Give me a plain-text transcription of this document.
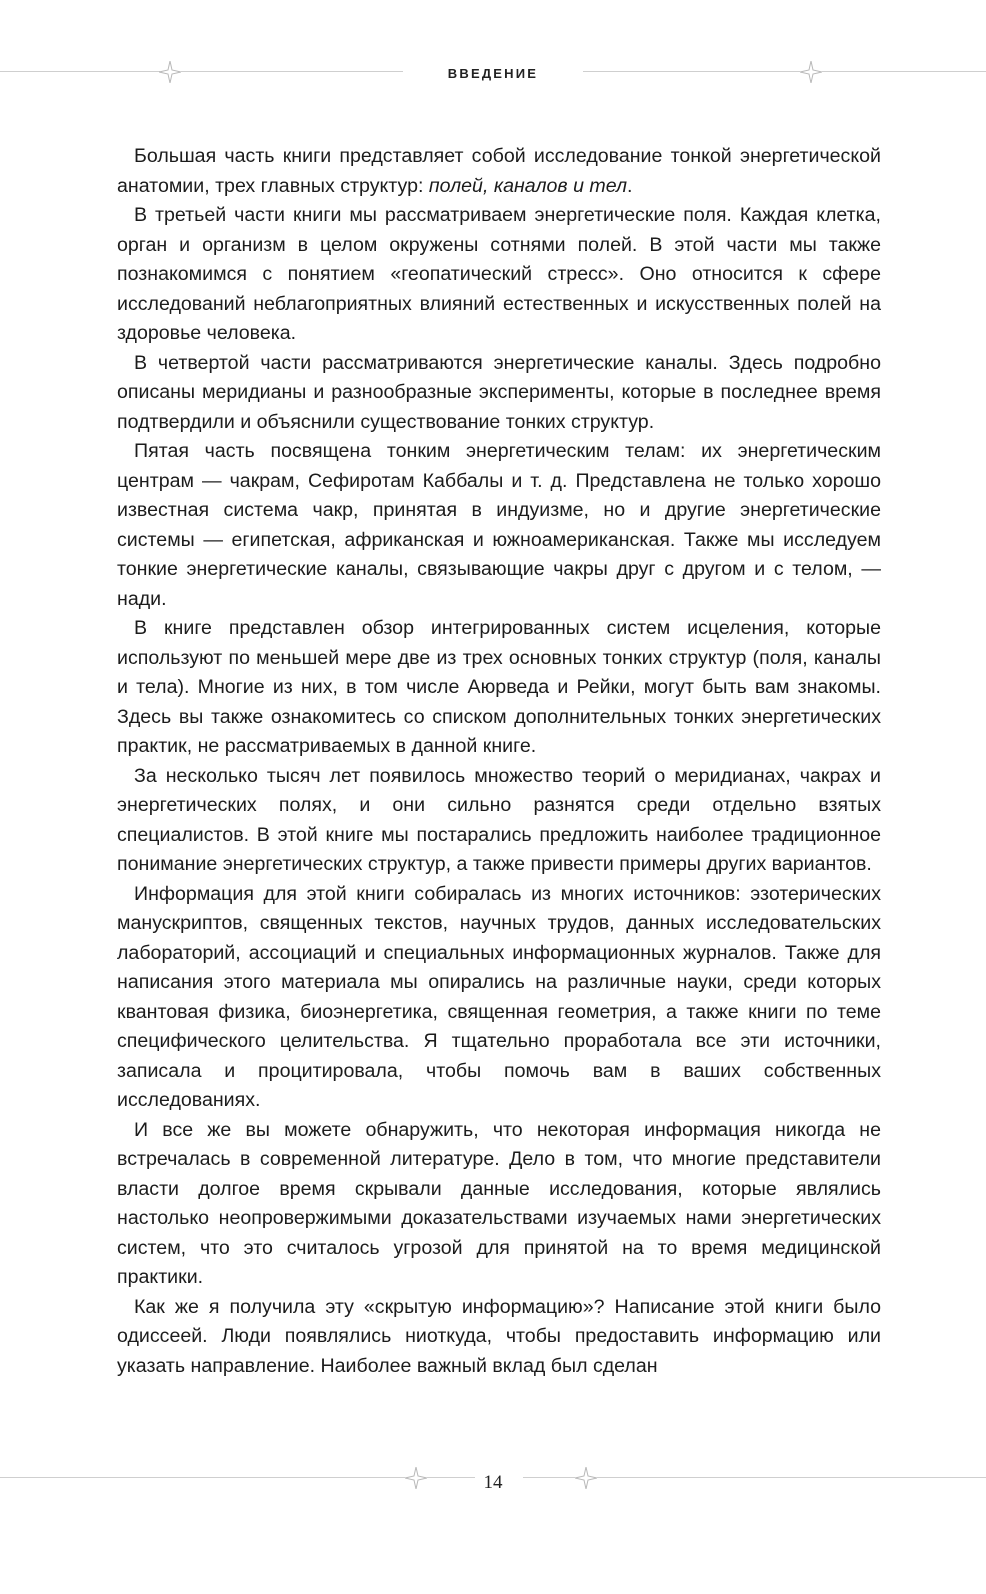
ВВЕДЕНИЕ

Большая часть книги представляет собой исследование тонкой энергетической анатомии, трех главных структур: полей, каналов и тел.

В третьей части книги мы рассматриваем энергетические поля. Каждая клетка, орган и организм в целом окружены сотнями полей. В этой части мы также познакомимся с понятием «геопатический стресс». Оно относится к сфере исследований неблагоприятных влияний естественных и искусственных полей на здоровье человека.

В четвертой части рассматриваются энергетические каналы. Здесь подробно описаны меридианы и разнообразные эксперименты, которые в последнее время подтвердили и объяснили существование тонких структур.

Пятая часть посвящена тонким энергетическим телам: их энергетическим центрам — чакрам, Сефиротам Каббалы и т. д. Представлена не только хорошо известная система чакр, принятая в индуизме, но и другие энергетические системы — египетская, африканская и южноамериканская. Также мы исследуем тонкие энергетические каналы, связывающие чакры друг с другом и с телом, — нади.

В книге представлен обзор интегрированных систем исцеления, которые используют по меньшей мере две из трех основных тонких структур (поля, каналы и тела). Многие из них, в том числе Аюрведа и Рейки, могут быть вам знакомы. Здесь вы также ознакомитесь со списком дополнительных тонких энергетических практик, не рассматриваемых в данной книге.

За несколько тысяч лет появилось множество теорий о меридианах, чакрах и энергетических полях, и они сильно разнятся среди отдельно взятых специалистов. В этой книге мы постарались предложить наиболее традиционное понимание энергетических структур, а также привести примеры других вариантов.

Информация для этой книги собиралась из многих источников: эзотерических манускриптов, священных текстов, научных трудов, данных исследовательских лабораторий, ассоциаций и специальных информационных журналов. Также для написания этого материала мы опирались на различные науки, среди которых квантовая физика, биоэнергетика, священная геометрия, а также книги по теме специфического целительства. Я тщательно проработала все эти источники, записала и процитировала, чтобы помочь вам в ваших собственных исследованиях.

И все же вы можете обнаружить, что некоторая информация никогда не встречалась в современной литературе. Дело в том, что многие представители власти долгое время скрывали данные исследования, которые являлись настолько неопровержимыми доказательствами изучаемых нами энергетических систем, что это считалось угрозой для принятой на то время медицинской практики.

Как же я получила эту «скрытую информацию»? Написание этой книги было одиссеей. Люди появлялись ниоткуда, чтобы предоставить информацию или указать направление. Наиболее важный вклад был сделан

14
